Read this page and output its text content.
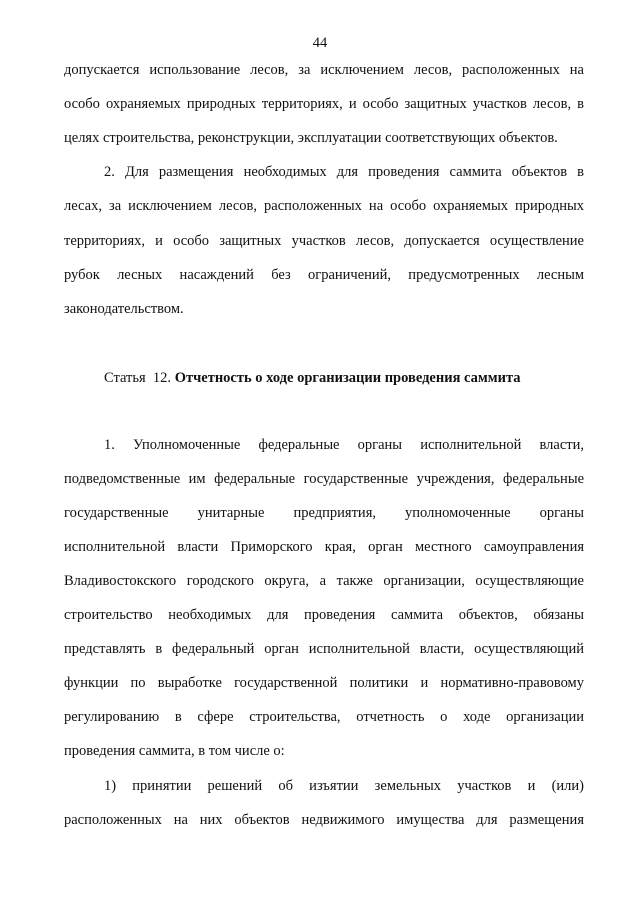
44
допускается использование лесов, за исключением лесов, расположенных на
особо охраняемых природных территориях, и особо защитных участков лесов, в
целях строительства, реконструкции, эксплуатации соответствующих объектов.
2. Для размещения необходимых для проведения саммита объектов в
лесах, за исключением лесов, расположенных на особо охраняемых природных
территориях, и особо защитных участков лесов, допускается осуществление
рубок лесных насаждений без ограничений, предусмотренных лесным
законодательством.
Статья  12. Отчетность о ходе организации проведения саммита
1. Уполномоченные федеральные органы исполнительной власти,
подведомственные им федеральные государственные учреждения, федеральные
государственные унитарные предприятия, уполномоченные органы
исполнительной власти Приморского края, орган местного самоуправления
Владивостокского городского округа, а также организации, осуществляющие
строительство необходимых для проведения саммита объектов, обязаны
представлять в федеральный орган исполнительной власти, осуществляющий
функции по выработке государственной политики и нормативно-правовому
регулированию в сфере строительства, отчетность о ходе организации
проведения саммита, в том числе о:
1) принятии решений об изъятии земельных участков и (или)
расположенных на них объектов недвижимого имущества для размещения
